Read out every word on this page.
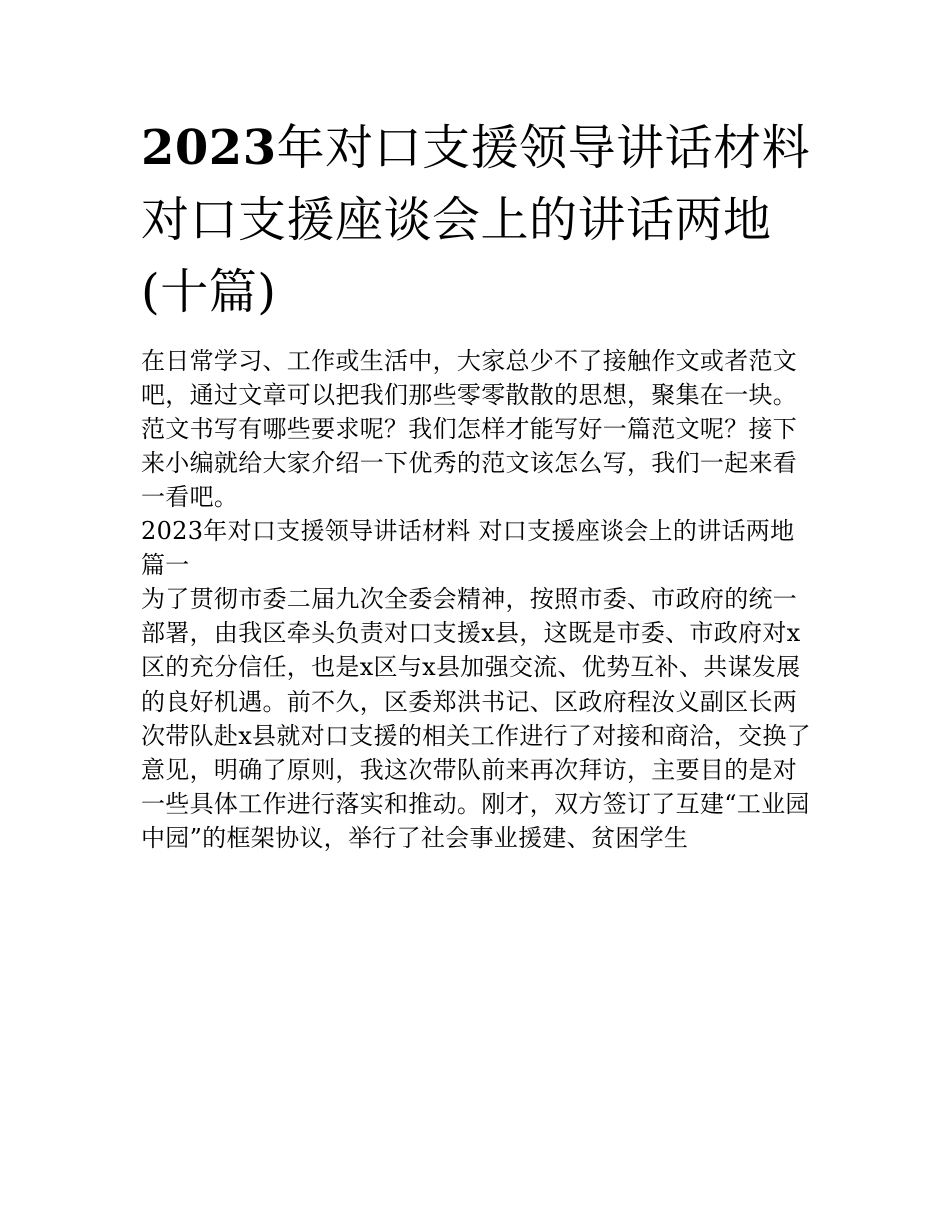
2023年对口支援领导讲话材料对口支援座谈会上的讲话两地(十篇)

在日常学习、工作或生活中，大家总少不了接触作文或者范文吧，通过文章可以把我们那些零零散散的思想，聚集在一块。范文书写有哪些要求呢？我们怎样才能写好一篇范文呢？接下来小编就给大家介绍一下优秀的范文该怎么写，我们一起来看一看吧。

2023年对口支援领导讲话材料 对口支援座谈会上的讲话两地篇一

为了贯彻市委二届九次全委会精神，按照市委、市政府的统一部署，由我区牵头负责对口支援x县，这既是市委、市政府对x区的充分信任，也是x区与x县加强交流、优势互补、共谋发展的良好机遇。前不久，区委郑洪书记、区政府程汝义副区长两次带队赴x县就对口支援的相关工作进行了对接和商洽，交换了意见，明确了原则，我这次带队前来再次拜访，主要目的是对一些具体工作进行落实和推动。刚才，双方签订了互建“工业园中园”的框架协议，举行了社会事业援建、贫困学生
